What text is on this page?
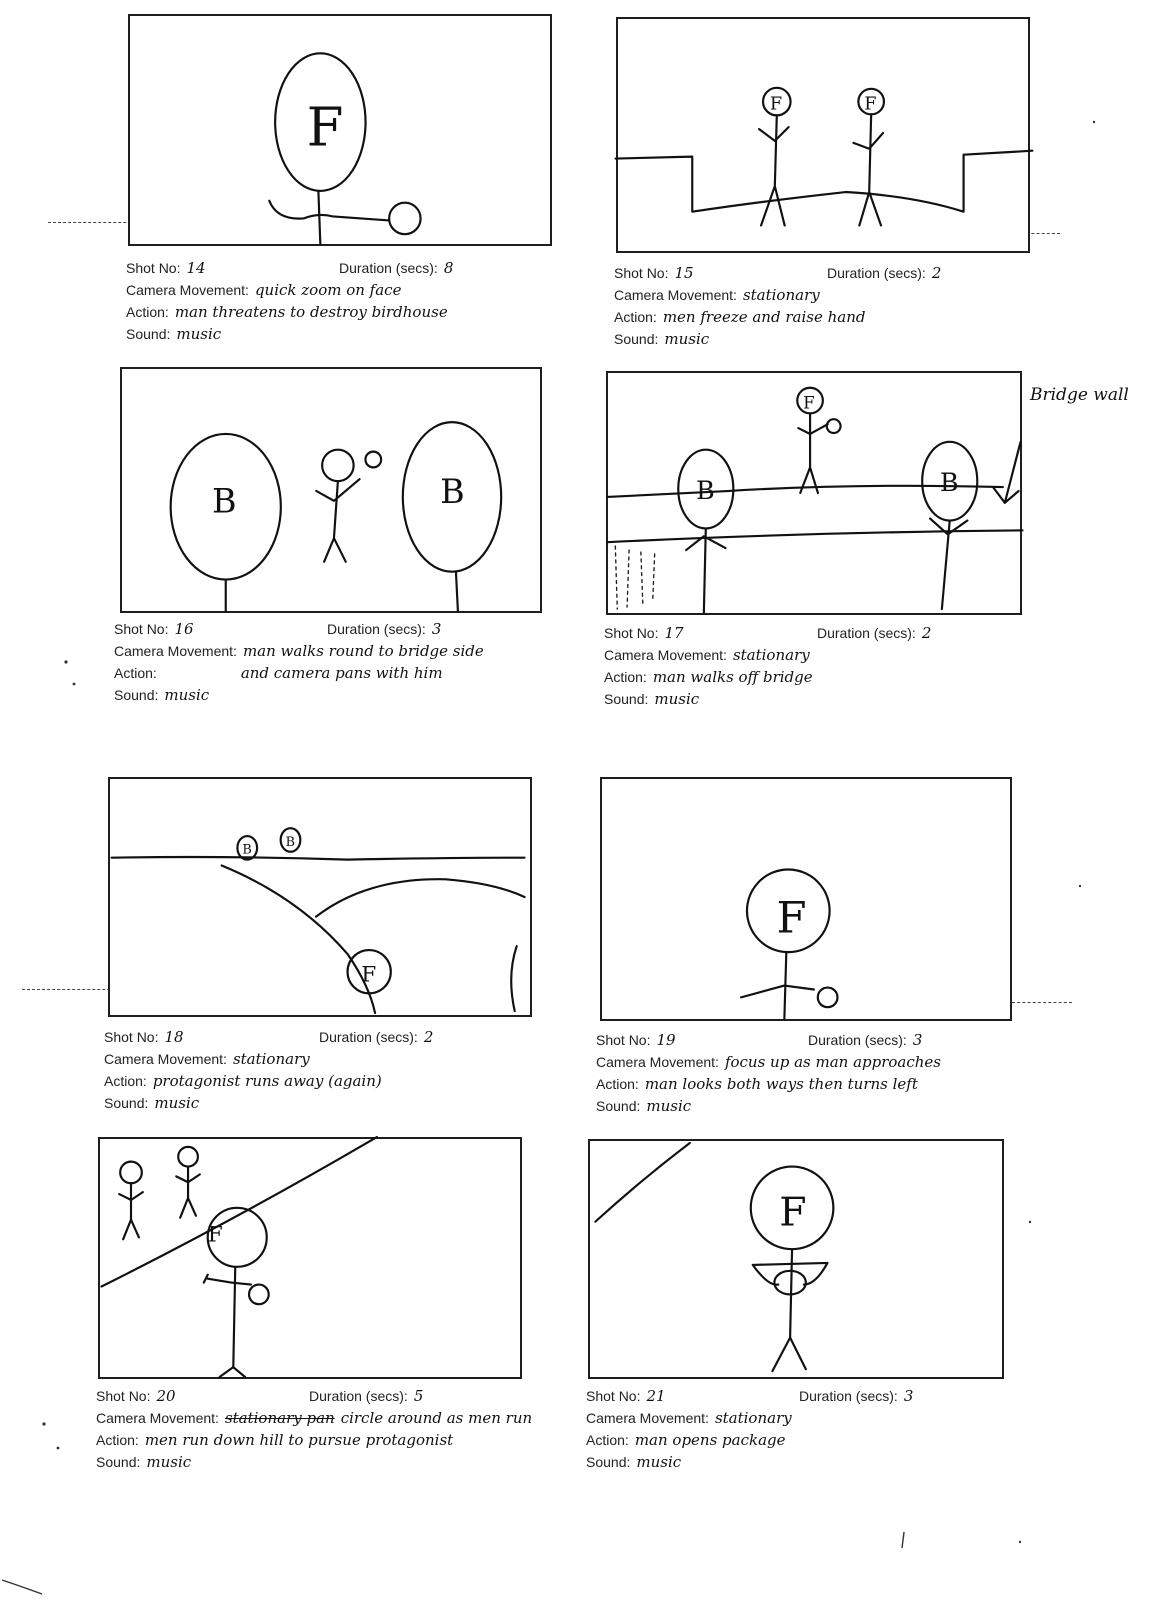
F
Shot No: 14	Duration (secs): 8
Camera Movement: quick zoom on face
Action: man threatens to destroy birdhouse
Sound: music
F	F
Shot No: 15	Duration (secs): 2
Camera Movement: stationary
Action: men freeze and raise hand
Sound: music
B	B
Shot No: 16	Duration (secs): 3
Camera Movement: man walks round to bridge side
Action:	and camera pans with him
Sound: music
F
B	B
Bridge wall
Shot No: 17	Duration (secs): 2
Camera Movement: stationary
Action: man walks off bridge
Sound: music
B
B
F
Shot No: 18	Duration (secs): 2
Camera Movement: stationary
Action: protagonist runs away (again)
Sound: music
F
Shot No: 19	Duration (secs): 3
Camera Movement: focus up as man approaches
Action: man looks both ways then turns left
Sound: music
F
Shot No: 20	Duration (secs): 5
Camera Movement: stationary pan circle around as men run
Action: men run down hill to pursue protagonist
Sound: music
F
Shot No: 21	Duration (secs): 3
Camera Movement: stationary
Action: man opens package
Sound: music
